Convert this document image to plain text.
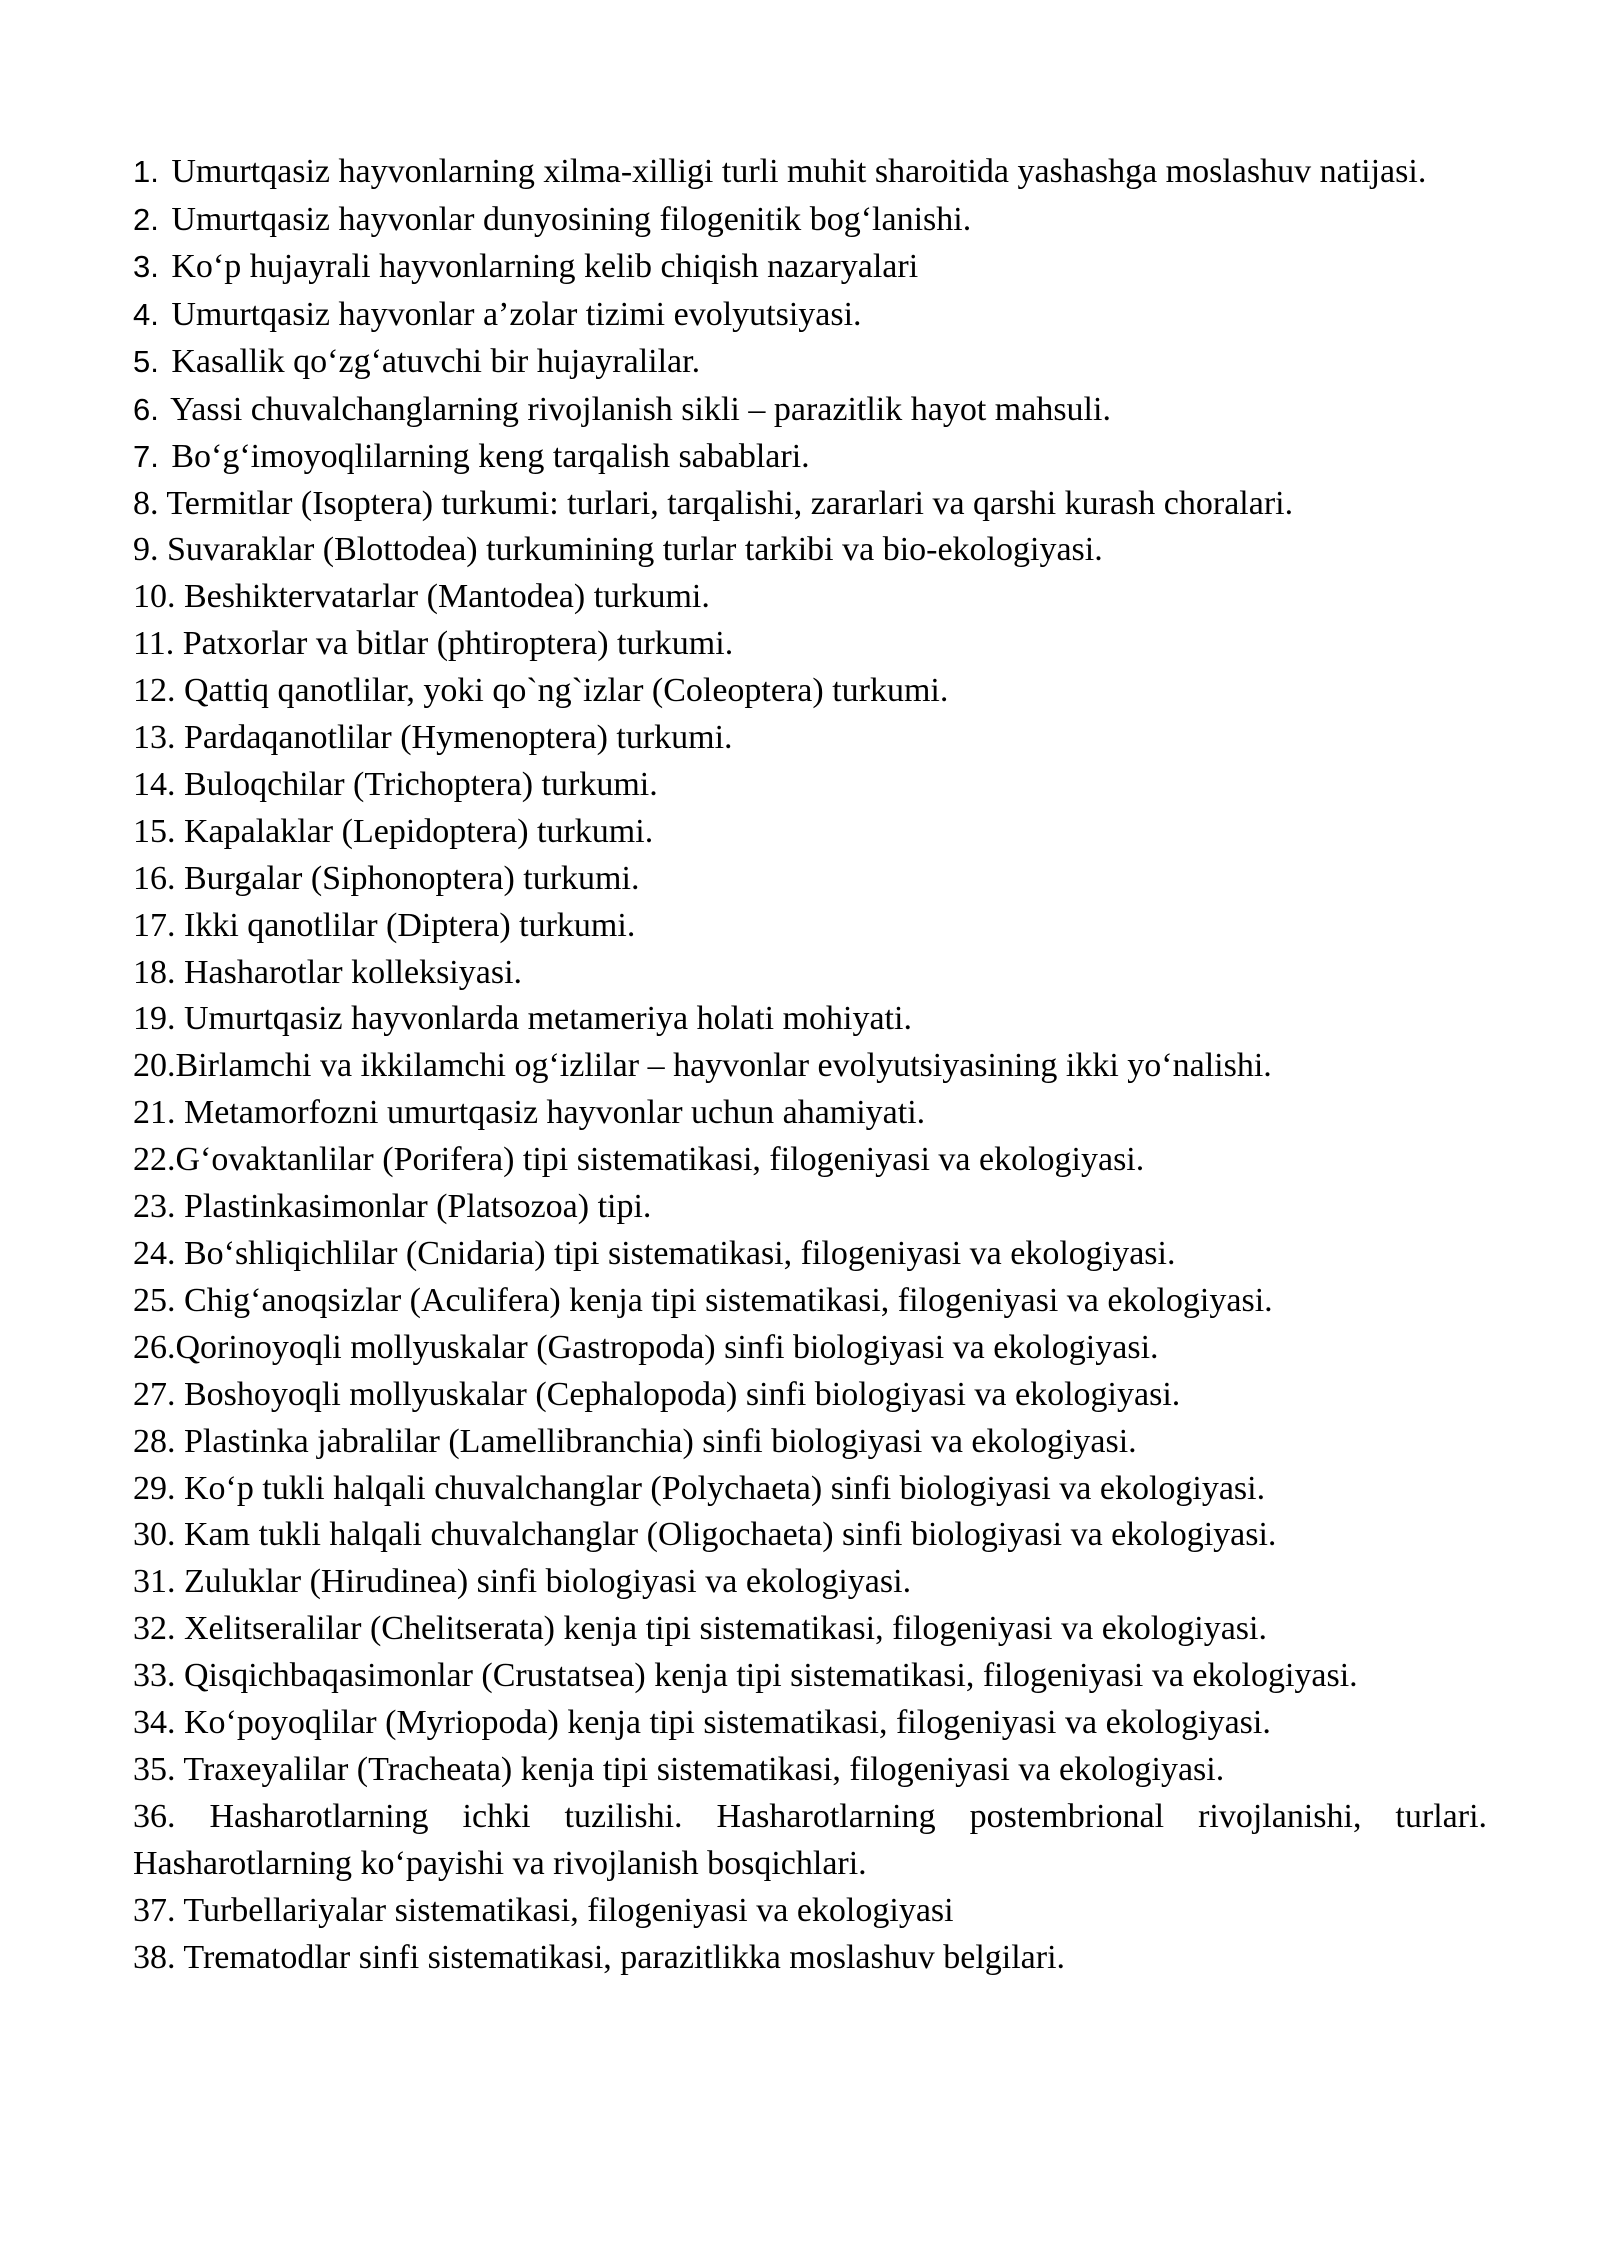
1. Umurtqasiz hayvonlarning xilma-xilligi turli muhit sharoitida yashashga moslashuv natijasi.
2. Umurtqasiz hayvonlar dunyosining filogenitik bog‘lanishi.
3. Ko‘p hujayrali hayvonlarning kelib chiqish nazaryalari
4. Umurtqasiz hayvonlar a’zolar tizimi evolyutsiyasi.
5. Kasallik qo‘zg‘atuvchi bir hujayralilar.
6. Yassi chuvalchanglarning rivojlanish sikli – parazitlik hayot mahsuli.
7. Bo‘g‘imoyoqlilarning keng tarqalish sabablari.
8. Termitlar (Isoptera) turkumi: turlari, tarqalishi, zararlari va qarshi kurash choralari.
9. Suvaraklar (Blottodea) turkumining turlar tarkibi va bio-ekologiyasi.
10. Beshiktervatarlar (Mantodea) turkumi.
11. Patxorlar va bitlar (phtiroptera) turkumi.
12. Qattiq qanotlilar, yoki qo`ng`izlar (Coleoptera) turkumi.
13. Pardaqanotlilar (Hymenoptera) turkumi.
14. Buloqchilar (Trichoptera) turkumi.
15. Kapalaklar (Lepidoptera) turkumi.
16. Burgalar (Siphonoptera) turkumi.
17. Ikki qanotlilar (Diptera) turkumi.
18. Hasharotlar kolleksiyasi.
19. Umurtqasiz hayvonlarda metameriya holati mohiyati.
20.Birlamchi va ikkilamchi og‘izlilar – hayvonlar evolyutsiyasining ikki yo‘nalishi.
21. Metamorfozni umurtqasiz hayvonlar uchun ahamiyati.
22.G‘ovaktanlilar (Porifera) tipi sistematikasi, filogeniyasi va ekologiyasi.
23. Plastinkasimonlar (Platsozoa) tipi.
24. Bo‘shliqichlilar (Cnidaria) tipi sistematikasi, filogeniyasi va ekologiyasi.
25. Chig‘anoqsizlar (Aculifera) kenja tipi sistematikasi, filogeniyasi va ekologiyasi.
26.Qorinoyoqli mollyuskalar (Gastropoda) sinfi biologiyasi va ekologiyasi.
27. Boshoyoqli mollyuskalar (Cephalopoda) sinfi biologiyasi va ekologiyasi.
28. Plastinka jabralilar (Lamellibranchia) sinfi biologiyasi va ekologiyasi.
29. Ko‘p tukli halqali chuvalchanglar (Polychaeta) sinfi biologiyasi va ekologiyasi.
30. Kam tukli halqali chuvalchanglar (Oligochaeta) sinfi biologiyasi va ekologiyasi.
31. Zuluklar (Hirudinea) sinfi biologiyasi va ekologiyasi.
32. Xelitseralilar (Chelitserata) kenja tipi sistematikasi, filogeniyasi va ekologiyasi.
33. Qisqichbaqasimonlar (Crustatsea) kenja tipi sistematikasi, filogeniyasi va ekologiyasi.
34. Ko‘poyoqlilar (Myriopoda) kenja tipi sistematikasi, filogeniyasi va ekologiyasi.
35. Traxeyalilar (Tracheata) kenja tipi sistematikasi, filogeniyasi va ekologiyasi.
36. Hasharotlarning ichki tuzilishi. Hasharotlarning postembrional rivojlanishi, turlari. Hasharotlarning ko‘payishi va rivojlanish bosqichlari.
37. Turbellariyalar sistematikasi, filogeniyasi va ekologiyasi
38. Trematodlar sinfi sistematikasi, parazitlikka moslashuv belgilari.
